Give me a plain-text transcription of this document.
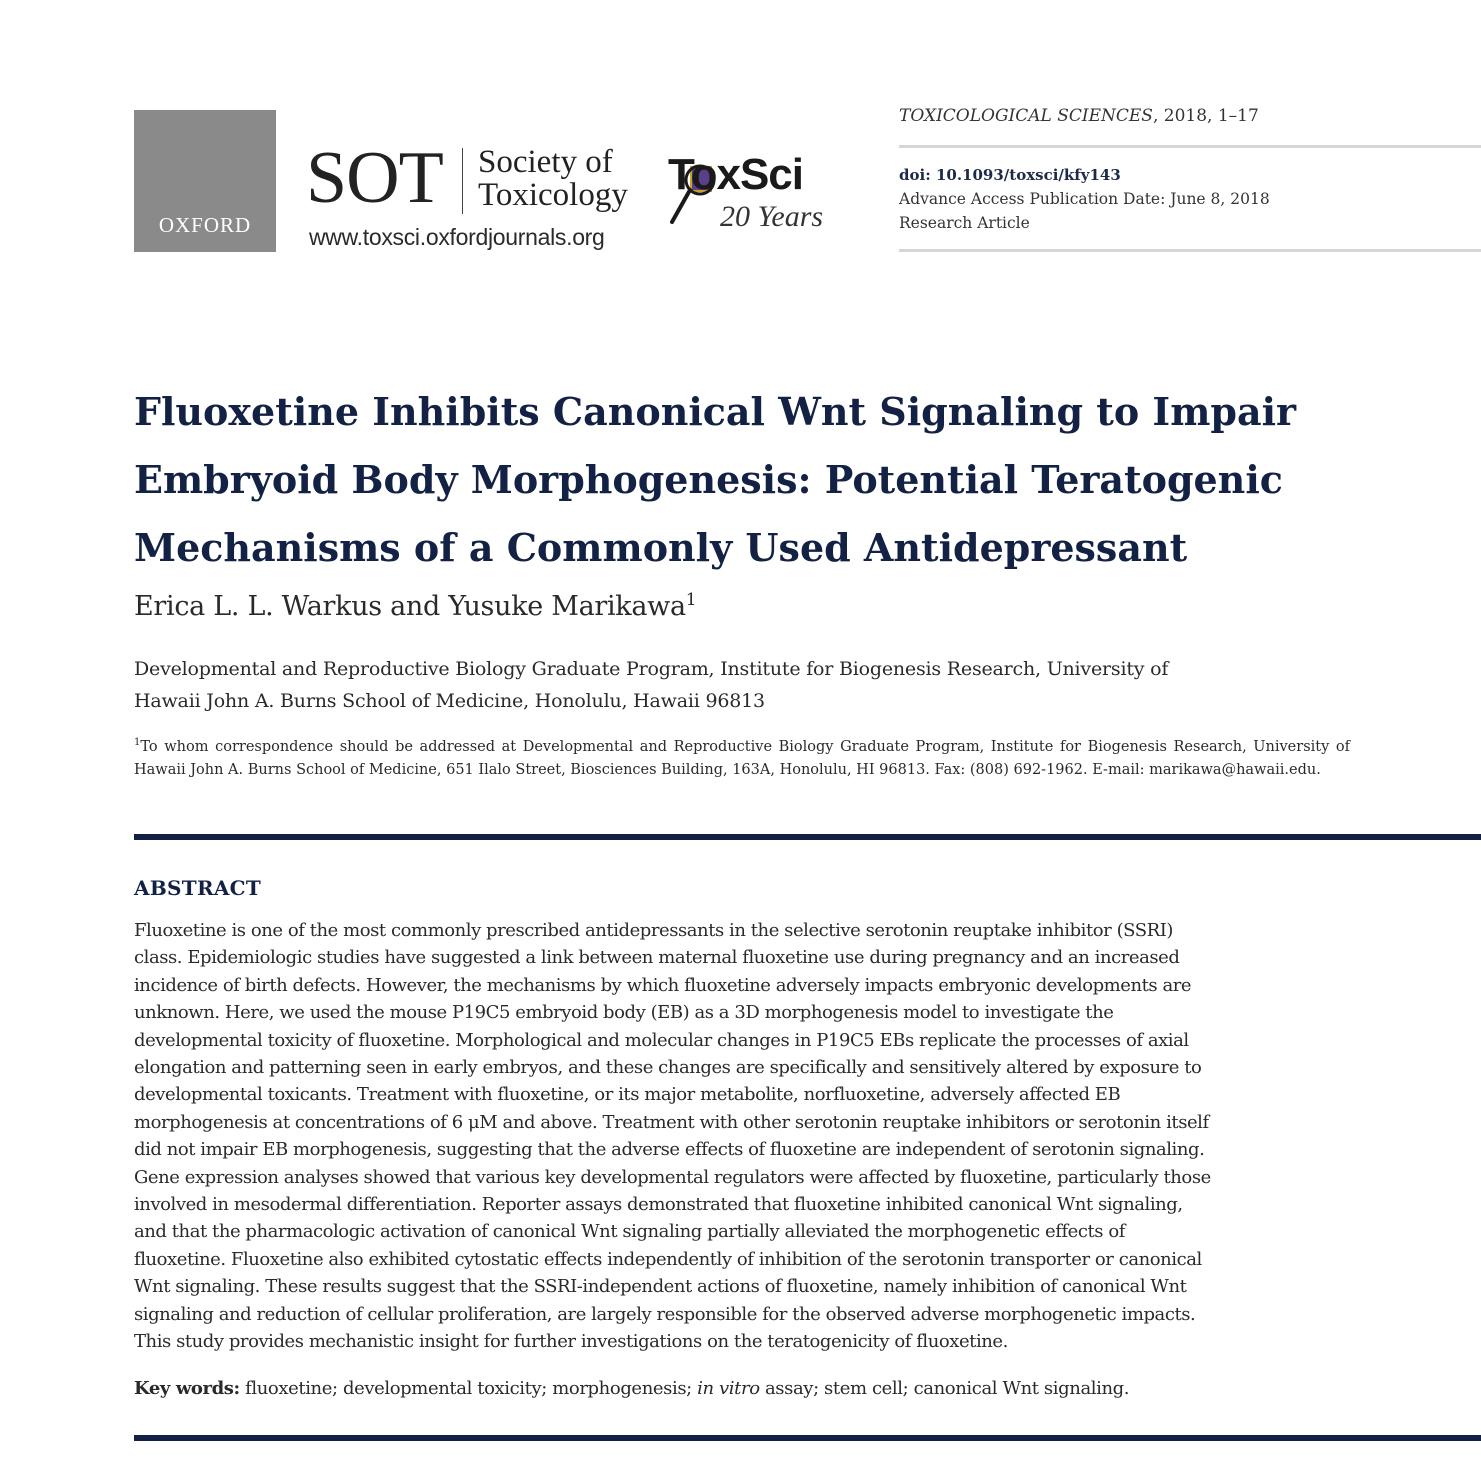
OXFORD
SOT Society of
Toxicology
www.toxsci.oxfordjournals.org
ToxSci
20 Years
TOXICOLOGICAL SCIENCES, 2018, 1–17
doi: 10.1093/toxsci/kfy143
Advance Access Publication Date: June 8, 2018
Research Article
Fluoxetine Inhibits Canonical Wnt Signaling to Impair
Embryoid Body Morphogenesis: Potential Teratogenic
Mechanisms of a Commonly Used Antidepressant
Erica L. L. Warkus and Yusuke Marikawa$^1$
Developmental and Reproductive Biology Graduate Program, Institute for Biogenesis Research, University of
Hawaii John A. Burns School of Medicine, Honolulu, Hawaii 96813
$^1$To whom correspondence should be addressed at Developmental and Reproductive Biology Graduate Program, Institute for Biogenesis Research, University of Hawaii John A. Burns School of Medicine, 651 Ilalo Street, Biosciences Building, 163A, Honolulu, HI 96813. Fax: (808) 692-1962. E-mail: marikawa@hawaii.edu.
ABSTRACT
Fluoxetine is one of the most commonly prescribed antidepressants in the selective serotonin reuptake inhibitor (SSRI)
class. Epidemiologic studies have suggested a link between maternal fluoxetine use during pregnancy and an increased
incidence of birth defects. However, the mechanisms by which fluoxetine adversely impacts embryonic developments are
unknown. Here, we used the mouse P19C5 embryoid body (EB) as a 3D morphogenesis model to investigate the
developmental toxicity of fluoxetine. Morphological and molecular changes in P19C5 EBs replicate the processes of axial
elongation and patterning seen in early embryos, and these changes are specifically and sensitively altered by exposure to
developmental toxicants. Treatment with fluoxetine, or its major metabolite, norfluoxetine, adversely affected EB
morphogenesis at concentrations of 6 μM and above. Treatment with other serotonin reuptake inhibitors or serotonin itself
did not impair EB morphogenesis, suggesting that the adverse effects of fluoxetine are independent of serotonin signaling.
Gene expression analyses showed that various key developmental regulators were affected by fluoxetine, particularly those
involved in mesodermal differentiation. Reporter assays demonstrated that fluoxetine inhibited canonical Wnt signaling,
and that the pharmacologic activation of canonical Wnt signaling partially alleviated the morphogenetic effects of
fluoxetine. Fluoxetine also exhibited cytostatic effects independently of inhibition of the serotonin transporter or canonical
Wnt signaling. These results suggest that the SSRI-independent actions of fluoxetine, namely inhibition of canonical Wnt
signaling and reduction of cellular proliferation, are largely responsible for the observed adverse morphogenetic impacts.
This study provides mechanistic insight for further investigations on the teratogenicity of fluoxetine.
Key words: fluoxetine; developmental toxicity; morphogenesis; in vitro assay; stem cell; canonical Wnt signaling.
